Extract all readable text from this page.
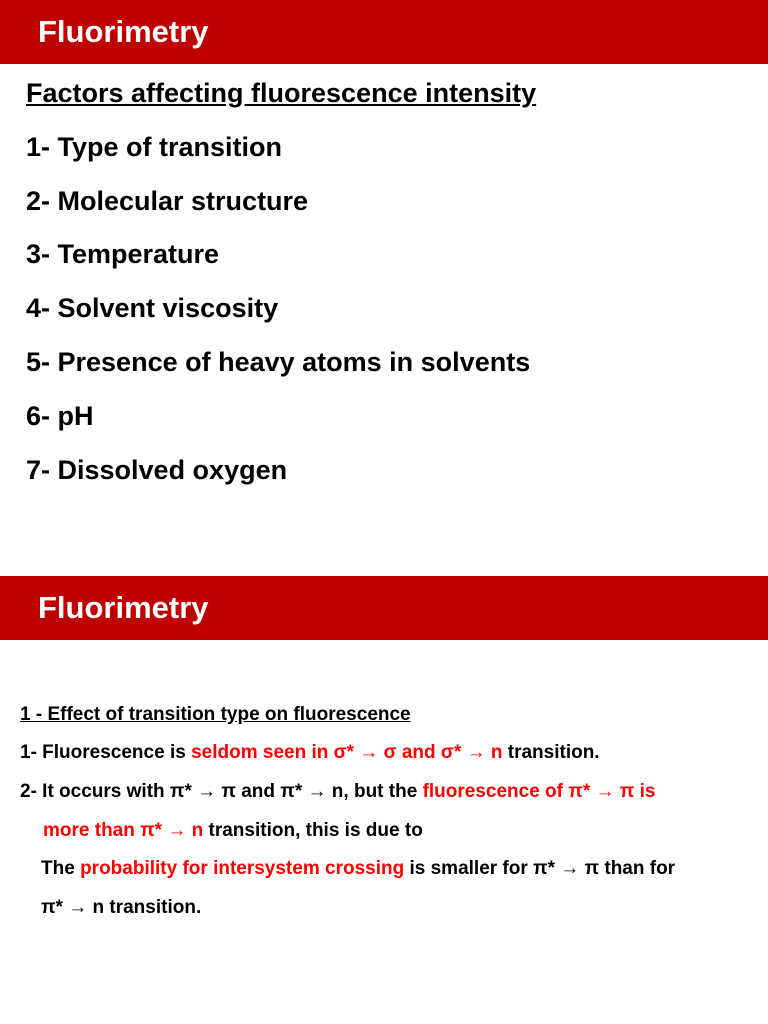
Fluorimetry
Factors affecting fluorescence intensity
1- Type of transition
2- Molecular structure
3- Temperature
4- Solvent viscosity
5- Presence of heavy atoms in solvents
6- pH
7- Dissolved oxygen
Fluorimetry
1 - Effect of transition type on fluorescence
1- Fluorescence is seldom seen in σ* → σ and σ* → n transition.
2- It occurs with π* → π and π* → n, but the fluorescence of π* → π is
more than π* → n transition, this is due to
The probability for intersystem crossing is smaller for π* → π than for
π* → n transition.
